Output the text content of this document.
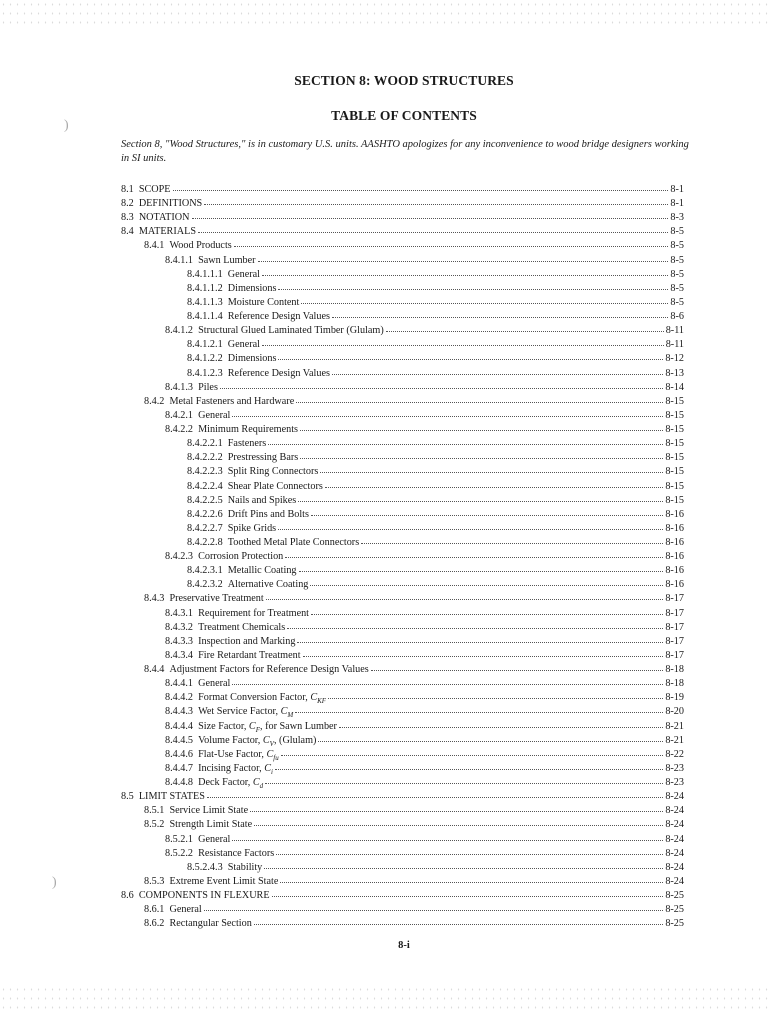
)
)
SECTION 8: WOOD STRUCTURES
TABLE OF CONTENTS
Section 8, "Wood Structures," is in customary U.S. units. AASHTO apologizes for any inconvenience to wood bridge designers working in SI units.
8.1 SCOPE	8-1
8.2 DEFINITIONS	8-1
8.3 NOTATION	8-3
8.4 MATERIALS	8-5
8.4.1 Wood Products	8-5
8.4.1.1 Sawn Lumber	8-5
8.4.1.1.1 General	8-5
8.4.1.1.2 Dimensions	8-5
8.4.1.1.3 Moisture Content	8-5
8.4.1.1.4 Reference Design Values	8-6
8.4.1.2 Structural Glued Laminated Timber (Glulam)	8-11
8.4.1.2.1 General	8-11
8.4.1.2.2 Dimensions	8-12
8.4.1.2.3 Reference Design Values	8-13
8.4.1.3 Piles	8-14
8.4.2 Metal Fasteners and Hardware	8-15
8.4.2.1 General	8-15
8.4.2.2 Minimum Requirements	8-15
8.4.2.2.1 Fasteners	8-15
8.4.2.2.2 Prestressing Bars	8-15
8.4.2.2.3 Split Ring Connectors	8-15
8.4.2.2.4 Shear Plate Connectors	8-15
8.4.2.2.5 Nails and Spikes	8-15
8.4.2.2.6 Drift Pins and Bolts	8-16
8.4.2.2.7 Spike Grids	8-16
8.4.2.2.8 Toothed Metal Plate Connectors	8-16
8.4.2.3 Corrosion Protection	8-16
8.4.2.3.1 Metallic Coating	8-16
8.4.2.3.2 Alternative Coating	8-16
8.4.3 Preservative Treatment	8-17
8.4.3.1 Requirement for Treatment	8-17
8.4.3.2 Treatment Chemicals	8-17
8.4.3.3 Inspection and Marking	8-17
8.4.3.4 Fire Retardant Treatment	8-17
8.4.4 Adjustment Factors for Reference Design Values	8-18
8.4.4.1 General	8-18
8.4.4.2 Format Conversion Factor, $C_{KF}$	8-19
8.4.4.3 Wet Service Factor, $C_M$	8-20
8.4.4.4 Size Factor, $C_F$, for Sawn Lumber	8-21
8.4.4.5 Volume Factor, $C_V$, (Glulam)	8-21
8.4.4.6 Flat-Use Factor, $C_{fu}$	8-22
8.4.4.7 Incising Factor, $C_i$	8-23
8.4.4.8 Deck Factor, $C_d$	8-23
8.5 LIMIT STATES	8-24
8.5.1 Service Limit State	8-24
8.5.2 Strength Limit State	8-24
8.5.2.1 General	8-24
8.5.2.2 Resistance Factors	8-24
8.5.2.4.3 Stability	8-24
8.5.3 Extreme Event Limit State	8-24
8.6 COMPONENTS IN FLEXURE	8-25
8.6.1 General	8-25
8.6.2 Rectangular Section	8-25
8-i
